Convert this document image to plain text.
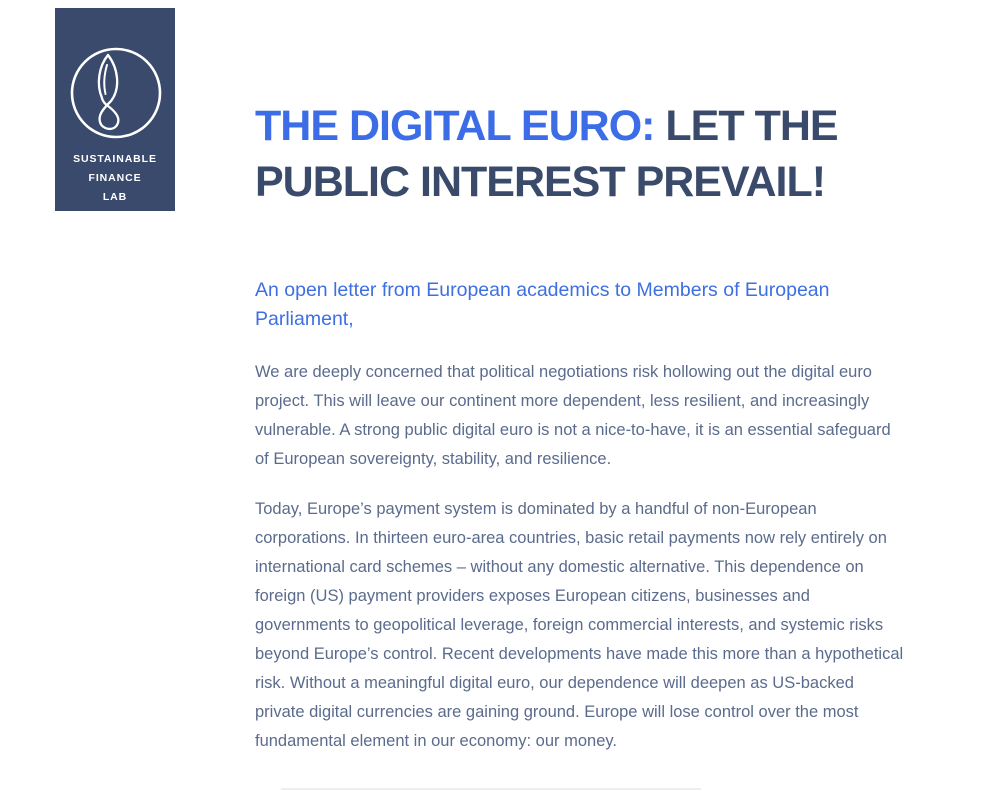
SUSTAINABLE
FINANCE
LAB
THE DIGITAL EURO: LET THE
PUBLIC INTEREST PREVAIL!

An open letter from European academics to Members of European Parliament,

We are deeply concerned that political negotiations risk hollowing out the digital euro project. This will leave our continent more dependent, less resilient, and increasingly vulnerable. A strong public digital euro is not a nice-to-have, it is an essential safeguard of European sovereignty, stability, and resilience.

Today, Europe’s payment system is dominated by a handful of non-European corporations. In thirteen euro-area countries, basic retail payments now rely entirely on international card schemes – without any domestic alternative. This dependence on foreign (US) payment providers exposes European citizens, businesses and governments to geopolitical leverage, foreign commercial interests, and systemic risks beyond Europe’s control. Recent developments have made this more than a hypothetical risk. Without a meaningful digital euro, our dependence will deepen as US-backed private digital currencies are gaining ground. Europe will lose control over the most fundamental element in our economy: our money.
